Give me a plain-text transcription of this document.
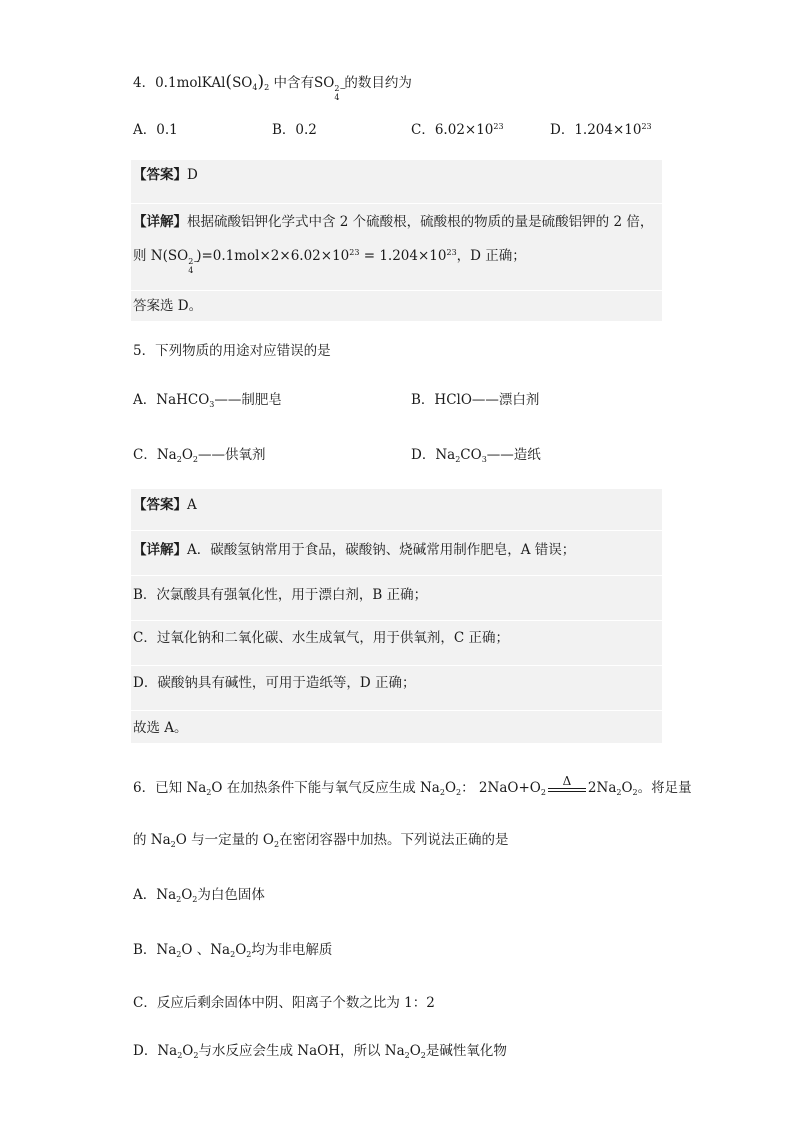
4．$0.1molKAl(SO_4)_2$ 中含有SO 2−
4
的数目约为
A．0.1	B．0.2	C．$6.02\times 10^{23}$	D．$1.204\times 10^{23}$
【答案】D
【详解】根据硫酸铝钾化学式中含 2 个硫酸根，硫酸根的物质的量是硫酸铝钾的 2 倍，
则 N(SO 2−
4
)$=0.1mol\times 2\times 6.02\times 10^{23} = 1.204\times 10^{23}$，D 正确；
答案选 D。
5．下列物质的用途对应错误的是
A．NaHCO$_3$——制肥皂	B．HClO——漂白剂
C．$Na_2O_2——$供氧剂	D．$Na_2CO_3——$造纸
【答案】A
【详解】A．碳酸氢钠常用于食品，碳酸钠、烧碱常用制作肥皂，A 错误；
B．次氯酸具有强氧化性，用于漂白剂，B 正确；
C．过氧化钠和二氧化碳、水生成氧气，用于供氧剂，C 正确；
D．碳酸钠具有碱性，可用于造纸等，D 正确；
故选 A。
6．已知 $Na_2O$ 在加热条件下能与氧气反应生成 $Na_2O_2$： $2NaO+O_2$
Δ	$2Na_2O_2$。将足量
的 $Na_2O$ 与一定量的 $O_2$在密闭容器中加热。下列说法正确的是
A．$Na_2O_2$为白色固体
B．$Na_2O$ 、$Na_2O_2$均为非电解质
C．反应后剩余固体中阴、阳离子个数之比为 1：2
D．$Na_2O_2$与水反应会生成 NaOH，所以 $Na_2O_2$是碱性氧化物
